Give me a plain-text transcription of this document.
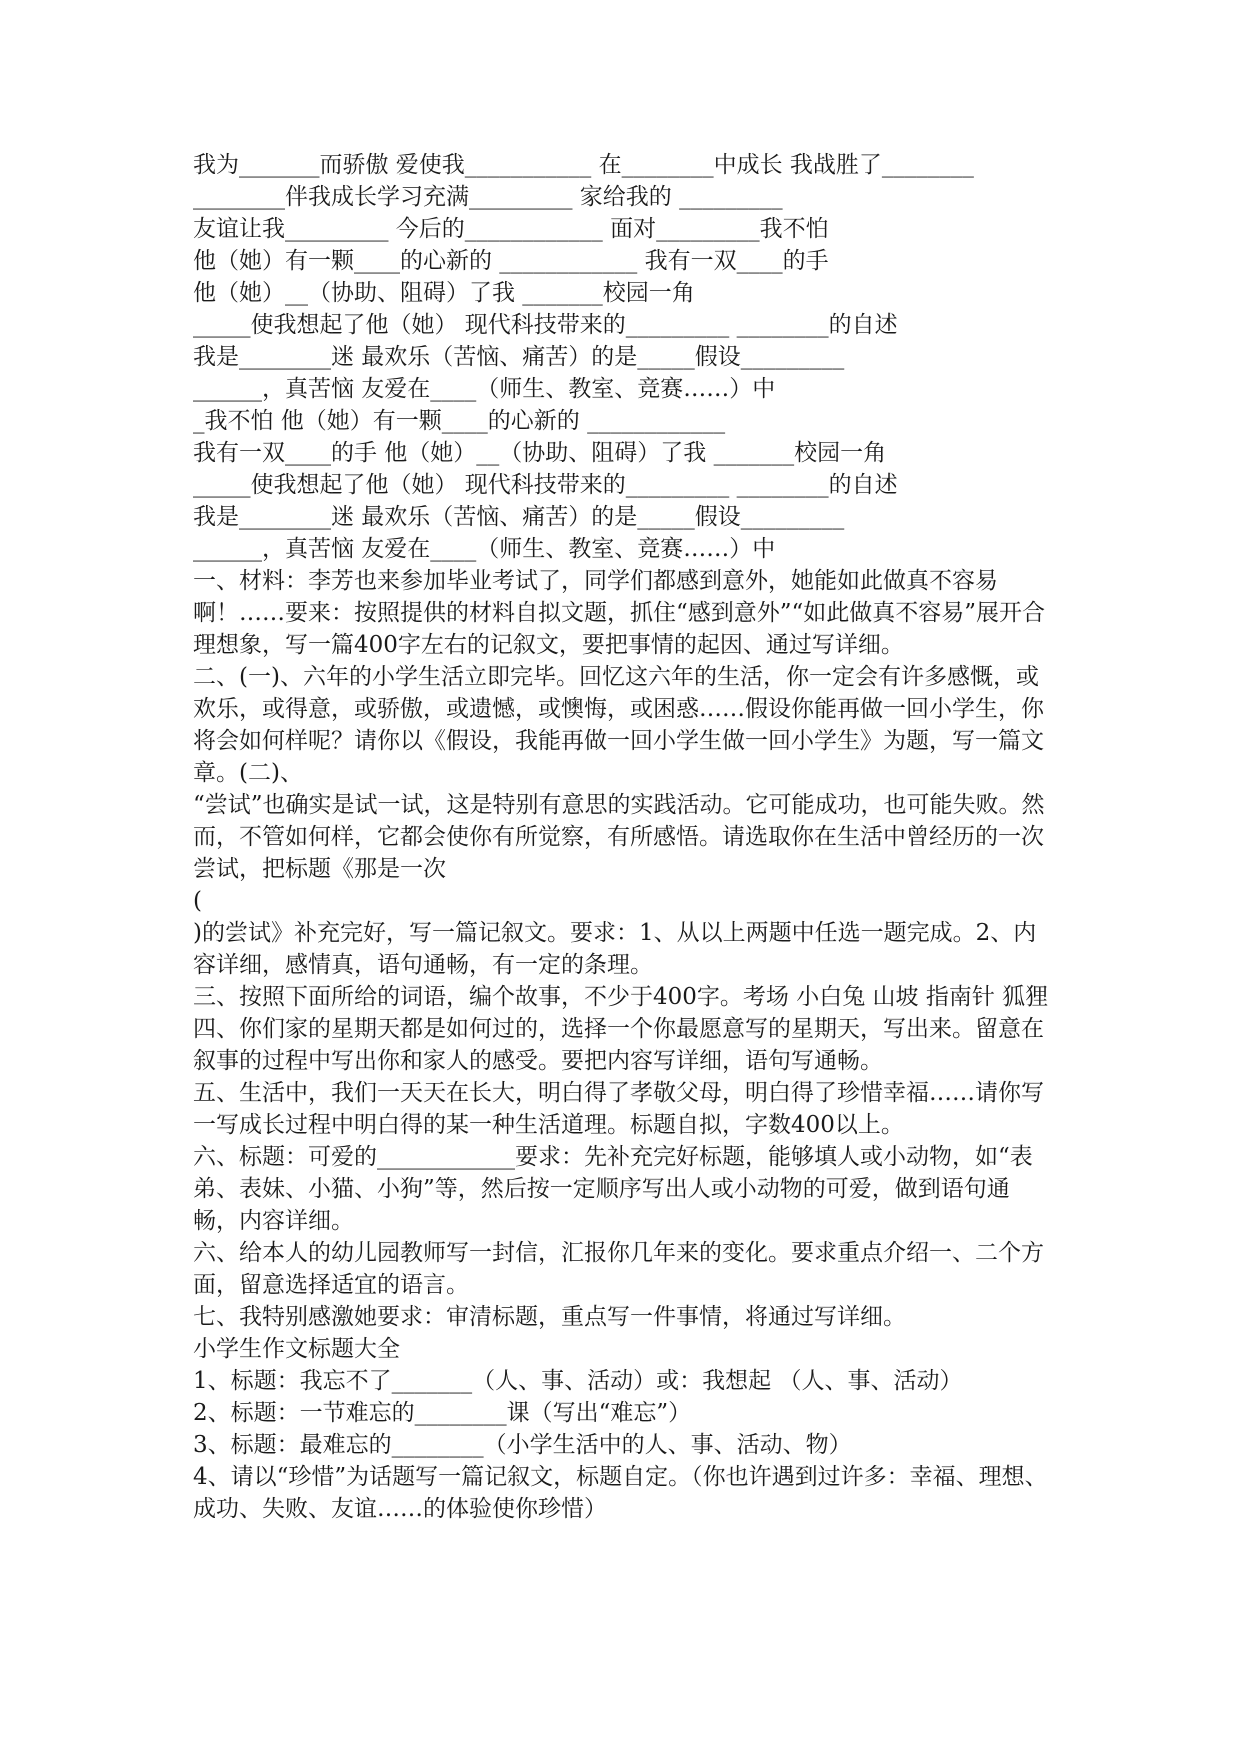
我为_______而骄傲 爱使我___________ 在________中成长 我战胜了________
________伴我成长学习充满_________ 家给我的 _________
友谊让我_________ 今后的____________ 面对_________我不怕
他（她）有一颗____的心新的 ____________ 我有一双____的手
他（她）__（协助、阻碍）了我 _______校园一角
_____使我想起了他（她） 现代科技带来的_________ ________的自述
我是________迷 最欢乐（苦恼、痛苦）的是_____假设_________
______，真苦恼 友爱在____（师生、教室、竞赛……）中
_我不怕 他（她）有一颗____的心新的 ____________
我有一双____的手 他（她）__（协助、阻碍）了我 _______校园一角
_____使我想起了他（她） 现代科技带来的_________ ________的自述
我是________迷 最欢乐（苦恼、痛苦）的是_____假设_________
______，真苦恼 友爱在____（师生、教室、竞赛……）中
一、材料：李芳也来参加毕业考试了，同学们都感到意外，她能如此做真不容易啊！……要来：按照提供的材料自拟文题，抓住“感到意外”“如此做真不容易”展开合理想象，写一篇400字左右的记叙文，要把事情的起因、通过写详细。
二、(一)、六年的小学生活立即完毕。回忆这六年的生活，你一定会有许多感慨，或欢乐，或得意，或骄傲，或遗憾，或懊悔，或困惑……假设你能再做一回小学生，你将会如何样呢？请你以《假设，我能再做一回小学生做一回小学生》为题，写一篇文章。(二)、
“尝试”也确实是试一试，这是特别有意思的实践活动。它可能成功，也可能失败。然而，不管如何样，它都会使你有所觉察，有所感悟。请选取你在生活中曾经历的一次尝试，把标题《那是一次
(
)的尝试》补充完好，写一篇记叙文。要求：1、从以上两题中任选一题完成。2、内容详细，感情真，语句通畅，有一定的条理。
三、按照下面所给的词语，编个故事，不少于400字。考场 小白兔 山坡 指南针 狐狸
四、你们家的星期天都是如何过的，选择一个你最愿意写的星期天，写出来。留意在叙事的过程中写出你和家人的感受。要把内容写详细，语句写通畅。
五、生活中，我们一天天在长大，明白得了孝敬父母，明白得了珍惜幸福……请你写一写成长过程中明白得的某一种生活道理。标题自拟，字数400以上。
六、标题：可爱的____________要求：先补充完好标题，能够填人或小动物，如“表弟、表妹、小猫、小狗”等，然后按一定顺序写出人或小动物的可爱，做到语句通畅，内容详细。
六、给本人的幼儿园教师写一封信，汇报你几年来的变化。要求重点介绍一、二个方面，留意选择适宜的语言。
七、我特别感激她要求：审清标题，重点写一件事情，将通过写详细。
小学生作文标题大全
1、标题：我忘不了_______（人、事、活动）或：我想起 （人、事、活动）
2、标题：一节难忘的________课（写出“难忘”）
3、标题：最难忘的________（小学生活中的人、事、活动、物）
4、请以“珍惜”为话题写一篇记叙文，标题自定。（你也许遇到过许多：幸福、理想、成功、失败、友谊……的体验使你珍惜）
